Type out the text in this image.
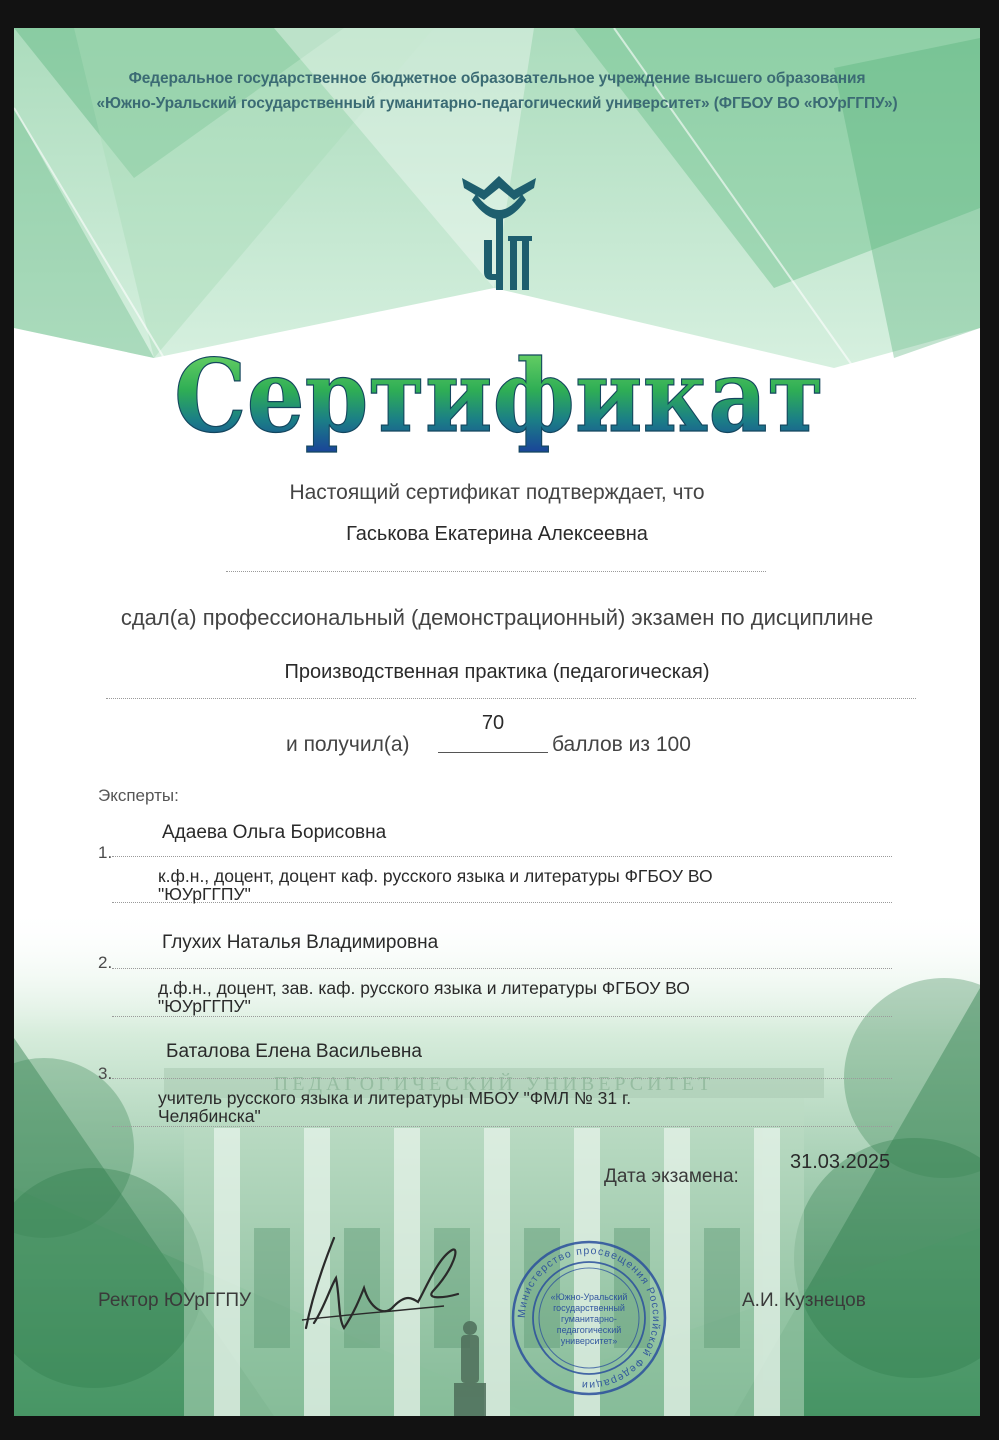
ПЕДАГОГИЧЕСКИЙ УНИВЕРСИТЕТ
Федеральное государственное бюджетное образовательное учреждение высшего образования
«Южно-Уральский государственный гуманитарно-педагогический университет» (ФГБОУ ВО «ЮУрГГПУ»)
Сертификат
Настоящий сертификат подтверждает, что
Гаськова Екатерина Алексеевна
сдал(а) профессиональный (демонстрационный) экзамен по дисциплине
Производственная практика (педагогическая)
и получил(а)
70
баллов из 100
Эксперты:
Адаева Ольга Борисовна
1.
к.ф.н., доцент, доцент каф. русского языка и литературы ФГБОУ ВО
"ЮУрГГПУ"
Глухих Наталья Владимировна
2.
д.ф.н., доцент, зав. каф. русского языка и литературы ФГБОУ ВО
"ЮУрГГПУ"
Баталова Елена Васильевна
3.
учитель русского языка и литературы МБОУ "ФМЛ № 31 г.
Челябинска"
Дата экзамена:
31.03.2025
Ректор ЮУрГГПУ	А.И. Кузнецов
Министерство просвещения Российской Федерации
«Южно-Уральский
государственный
гуманитарно-
педагогический
университет»
